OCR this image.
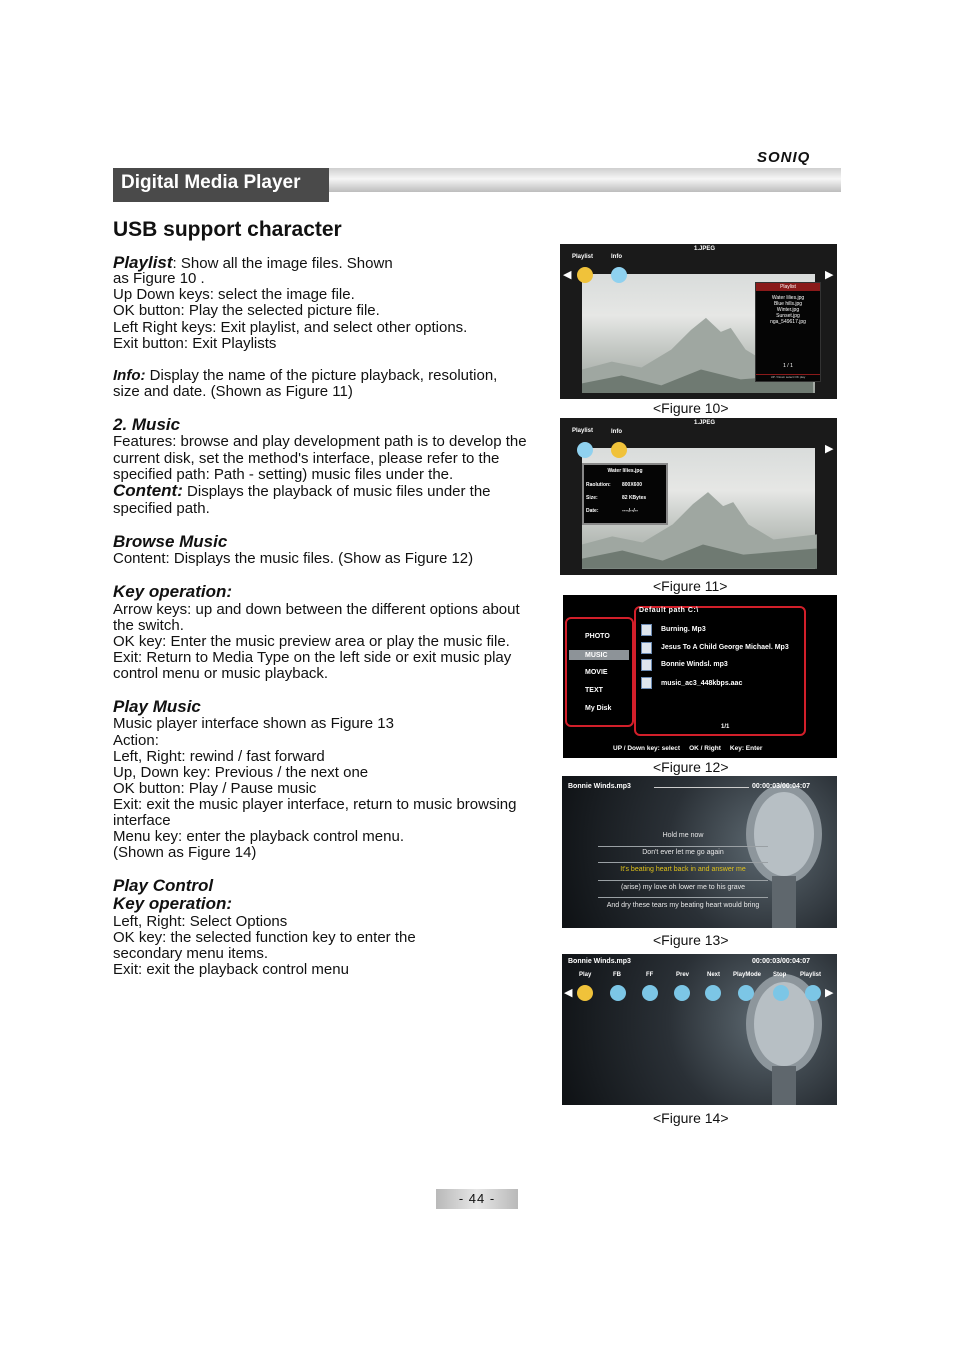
SONIQ
Digital Media Player
USB support character

Playlist: Show all the image files. Shown

as Figure 10 .

Up Down keys: select the image file.

OK button: Play the selected picture file.

Left Right keys: Exit playlist, and select other options.

Exit button: Exit Playlists

Info: Display the name of the picture playback, resolution,

size and date. (Shown as Figure 11)

2. Music

Features: browse and play development path is to develop the

current disk, set the method's interface, please refer to the

specified path: Path - setting) music files under the.

Content: Displays the playback of music files under the

specified path.

Browse Music

Content: Displays the music files. (Show as Figure 12)

Key operation:

Arrow keys: up and down between the different options about

the switch.

OK key: Enter the music preview area or play the music file.

Exit: Return to Media Type on the left side or exit music play

control menu or music playback.

Play Music

Music player interface shown as Figure 13

Action:

Left, Right: rewind / fast forward

Up, Down key: Previous / the next one

OK button: Play / Pause music

Exit: exit the music player interface, return to music browsing

interface

Menu key: enter the playback control menu.

(Shown as Figure 14)

Play Control

Key operation:

Left, Right: Select Options

OK key: the selected function key to enter the

secondary menu items.

Exit: exit the playback control menu

1.JPEG
Playlist	Info
◀	▶
Playlist
Water lilies.jpg
Blue hills.jpg
Winter.jpg
Sunset.jpg
nga_549617.jpg
1 / 1
UP / Down select OK play
<Figure 10>
1.JPEG
Playlist	Info
▶
Water lilies.jpg
Raolution: 800X600
Size:	82 KBytes
Date:	----/--/--
<Figure 11>
Default path C:\
PHOTO
MUSIC
MOVIE
TEXT
My Disk
Burning. Mp3
Jesus To A Child George Michael. Mp3
Bonnie Windsl. mp3
music_ac3_448kbps.aac
1/1
UP / Down key: select     OK / Right     Key: Enter
<Figure 12>
Bonnie Winds.mp3	00:00:03/00:04:07
Hold me now
Don't ever let me go again
It's beating heart back in and answer me
(arise) my love oh lower me to his grave
And dry these tears my beating heart would bring
<Figure 13>
Bonnie Winds.mp3	00:00:03/00:04:07
◀	▶
Play	FB	FF	Prev	Next PlayMode Stop Playlist
<Figure 14>
- 44 -
